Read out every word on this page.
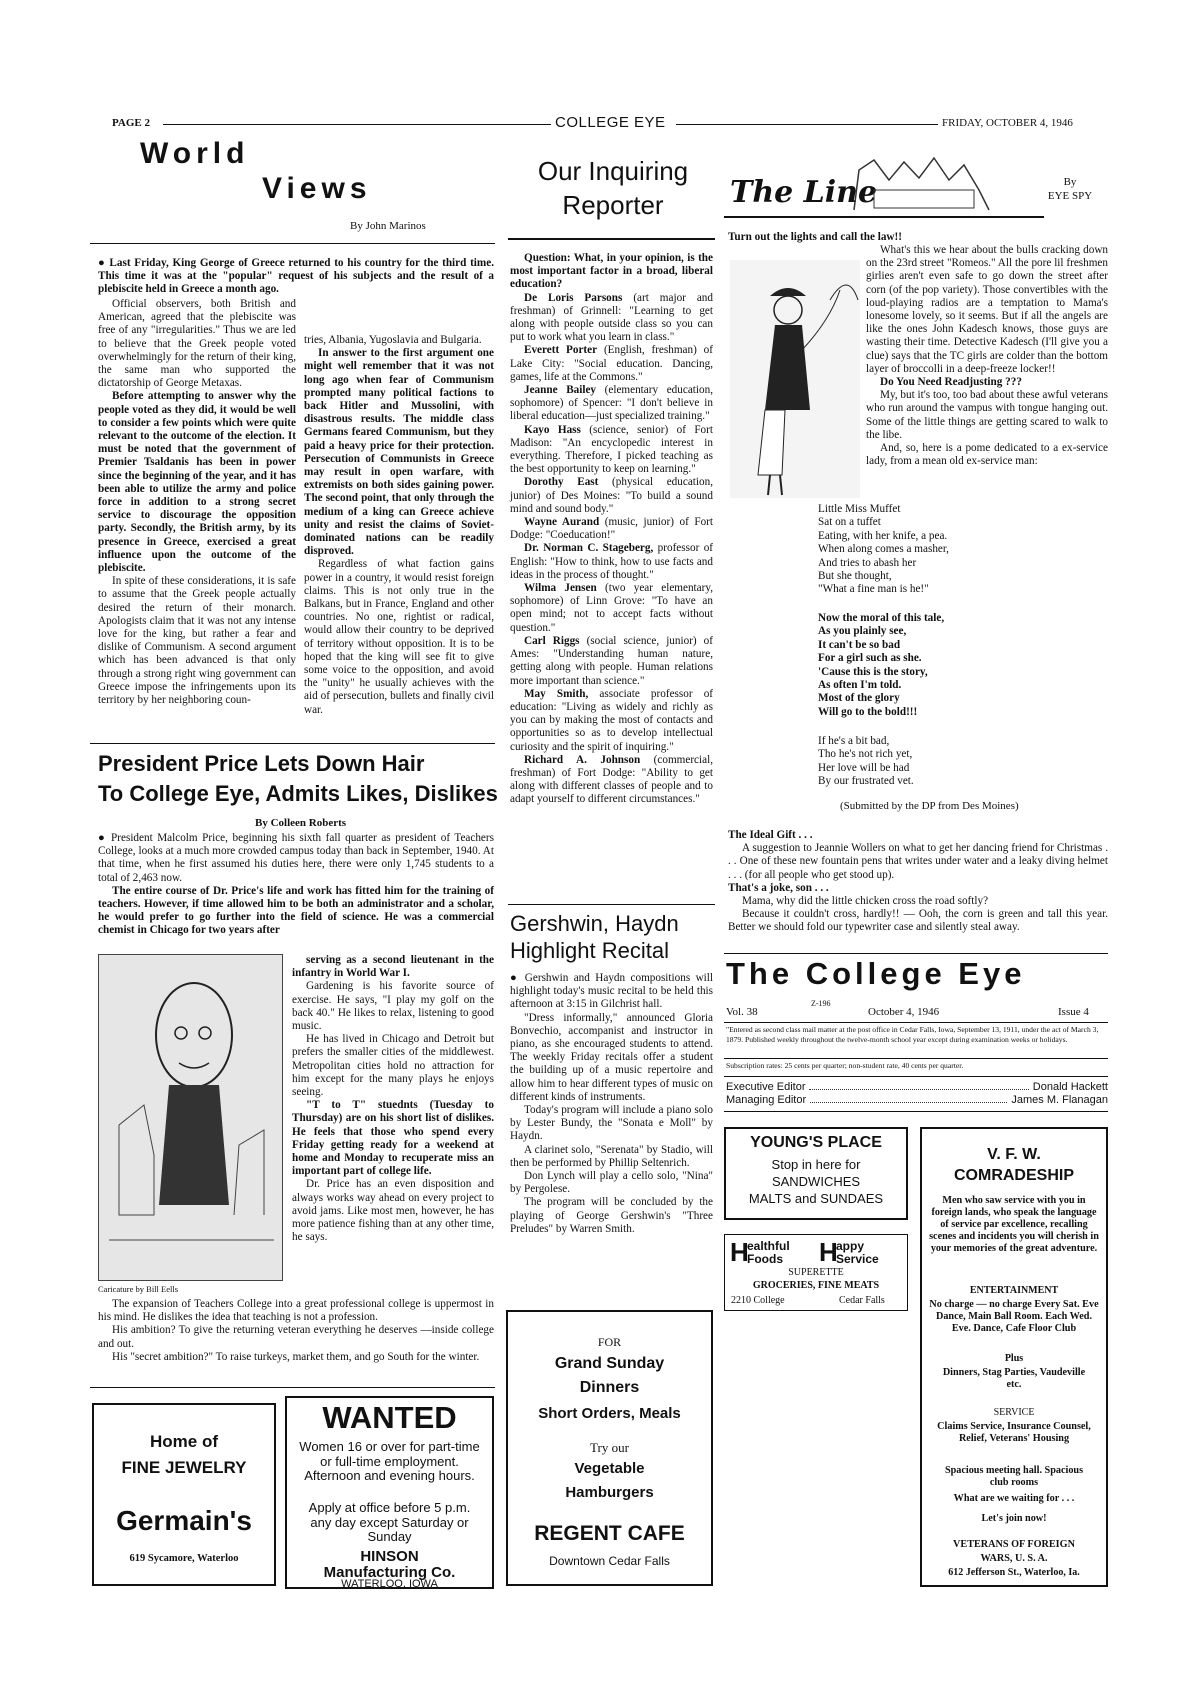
PAGE 2	COLLEGE EYE	FRIDAY, OCTOBER 4, 1946
World
Views
By John Marinos

● Last Friday, King George of Greece returned to his country for the third time. This time it was at the "popular" request of his subjects and the result of a plebiscite held in Greece a month ago.

Official observers, both British and American, agreed that the plebiscite was free of any "irregularities." Thus we are led to believe that the Greek people voted overwhelmingly for the return of their king, the same man who supported the dictatorship of George Metaxas.

Before attempting to answer why the people voted as they did, it would be well to consider a few points which were quite relevant to the outcome of the election. It must be noted that the government of Premier Tsaldanis has been in power since the beginning of the year, and it has been able to utilize the army and police force in addition to a strong secret service to discourage the opposition party. Secondly, the British army, by its presence in Greece, exercised a great influence upon the outcome of the plebiscite.

In spite of these considerations, it is safe to assume that the Greek people actually desired the return of their monarch. Apologists claim that it was not any intense love for the king, but rather a fear and dislike of Communism. A second argument which has been advanced is that only through a strong right wing government can Greece impose the infringements upon its territory by her neighboring coun-

tries, Albania, Yugoslavia and Bulgaria.

In answer to the first argument one might well remember that it was not long ago when fear of Communism prompted many political factions to back Hitler and Mussolini, with disastrous results. The middle class Germans feared Communism, but they paid a heavy price for their protection. Persecution of Communists in Greece may result in open warfare, with extremists on both sides gaining power. The second point, that only through the medium of a king can Greece achieve unity and resist the claims of Soviet-dominated nations can be readily disproved.

Regardless of what faction gains power in a country, it would resist foreign claims. This is not only true in the Balkans, but in France, England and other countries. No one, rightist or radical, would allow their country to be deprived of territory without opposition. It is to be hoped that the king will see fit to give some voice to the opposition, and avoid the "unity" he usually achieves with the aid of persecution, bullets and finally civil war.

President Price Lets Down Hair
To College Eye, Admits Likes, Dislikes
By Colleen Roberts

● President Malcolm Price, beginning his sixth fall quarter as president of Teachers College, looks at a much more crowded campus today than back in September, 1940. At that time, when he first assumed his duties here, there were only 1,745 students to a total of 2,463 now.

The entire course of Dr. Price's life and work has fitted him for the training of teachers. However, if time allowed him to be both an administrator and a scholar, he would prefer to go further into the field of science. He was a commercial chemist in Chicago for two years after

serving as a second lieutenant in the infantry in World War I.

Gardening is his favorite source of exercise. He says, "I play my golf on the back 40." He likes to relax, listening to good music.

He has lived in Chicago and Detroit but prefers the smaller cities of the middlewest. Metropolitan cities hold no attraction for him except for the many plays he enjoys seeing.

"T to T" stuednts (Tuesday to Thursday) are on his short list of dislikes. He feels that those who spend every Friday getting ready for a weekend at home and Monday to recuperate miss an important part of college life.

Dr. Price has an even disposition and always works way ahead on every project to avoid jams. Like most men, however, he has more patience fishing than at any other time, he says.

Caricature by Bill Eells

The expansion of Teachers College into a great professional college is uppermost in his mind. He dislikes the idea that teaching is not a profession.

His ambition? To give the returning veteran everything he deserves —inside college and out.

His "secret ambition?" To raise turkeys, market them, and go South for the winter.

Home of
FINE JEWELRY
Germain's
619 Sycamore, Waterloo
WANTED
Women 16 or over for part-time or full-time employment. Afternoon and evening hours.
Apply at office before 5 p.m. any day except Saturday or Sunday
HINSON
Manufacturing Co.
WATERLOO, IOWA
Our Inquiring
Reporter

Question: What, in your opinion, is the most important factor in a broad, liberal education?

De Loris Parsons (art major and freshman) of Grinnell: "Learning to get along with people outside class so you can put to work what you learn in class."

Everett Porter (English, freshman) of Lake City: "Social education. Dancing, games, life at the Commons."

Jeanne Bailey (elementary education, sophomore) of Spencer: "I don't believe in liberal education—just specialized training."

Kayo Hass (science, senior) of Fort Madison: "An encyclopedic interest in everything. Therefore, I picked teaching as the best opportunity to keep on learning."

Dorothy East (physical education, junior) of Des Moines: "To build a sound mind and sound body."

Wayne Aurand (music, junior) of Fort Dodge: "Coeducation!"

Dr. Norman C. Stageberg, professor of English: "How to think, how to use facts and ideas in the process of thought."

Wilma Jensen (two year elementary, sophomore) of Linn Grove: "To have an open mind; not to accept facts without question."

Carl Riggs (social science, junior) of Ames: "Understanding human nature, getting along with people. Human relations more important than science."

May Smith, associate professor of education: "Living as widely and richly as you can by making the most of contacts and opportunities so as to develop intellectual curiosity and the spirit of inquiring."

Richard A. Johnson (commercial, freshman) of Fort Dodge: "Ability to get along with different classes of people and to adapt yourself to different circumstances."

Gershwin, Haydn
Highlight Recital

● Gershwin and Haydn compositions will highlight today's music recital to be held this afternoon at 3:15 in Gilchrist hall.

"Dress informally," announced Gloria Bonvechio, accompanist and instructor in piano, as she encouraged students to attend. The weekly Friday recitals offer a student the building up of a music repertoire and allow him to hear different types of music on different kinds of instruments.

Today's program will include a piano solo by Lester Bundy, the "Sonata e Moll" by Haydn.

A clarinet solo, "Serenata" by Stadio, will then be performed by Phillip Seltenrich.

Don Lynch will play a cello solo, "Nina" by Pergolese.

The program will be concluded by the playing of George Gershwin's "Three Preludes" by Warren Smith.

FOR
Grand Sunday
Dinners
Short Orders, Meals
Try our
Vegetable
Hamburgers
REGENT CAFE
Downtown Cedar Falls
The Line	By
EYE SPY
Turn out the lights and call the law!!

What's this we hear about the bulls cracking down on the 23rd street "Romeos." All the pore lil freshmen girlies aren't even safe to go down the street after corn (of the pop variety). Those convertibles with the loud-playing radios are a temptation to Mama's lonesome lovely, so it seems. But if all the angels are like the ones John Kadesch knows, those guys are wasting their time. Detective Kadesch (I'll give you a clue) says that the TC girls are colder than the bottom layer of broccolli in a deep-freeze locker!!

Do You Need Readjusting ???

My, but it's too, too bad about these awful veterans who run around the vampus with tongue hanging out. Some of the little things are getting scared to walk to the libe.

And, so, here is a pome dedicated to a ex-service lady, from a mean old ex-service man:

Little Miss Muffet
Sat on a tuffet
Eating, with her knife, a pea.
When along comes a masher,
And tries to abash her
But she thought,
"What a fine man is he!"
Now the moral of this tale,
As you plainly see,
It can't be so bad
For a girl such as she.
'Cause this is the story,
As often I'm told.
Most of the glory
Will go to the bold!!!
If he's a bit bad,
Tho he's not rich yet,
Her love will be had
By our frustrated vet.
(Submitted by the DP from Des Moines)

The Ideal Gift . . .

A suggestion to Jeannie Wollers on what to get her dancing friend for Christmas . . . One of these new fountain pens that writes under water and a leaky diving helmet . . . (for all people who get stood up).

That's a joke, son . . .

Mama, why did the little chicken cross the road softly?

Because it couldn't cross, hardly!! — Ooh, the corn is green and tall this year. Better we should fold our typewriter case and silently steal away.

The College Eye
Vol. 38
Z-196
October 4, 1946	Issue 4
"Entered as second class mail matter at the post office in Cedar Falls, Iowa, September 13, 1911, under the act of March 3, 1879. Published weekly throughout the twelve-month school year except during examination weeks or holidays.
Subscription rates: 25 cents per quarter; non-student rate, 40 cents per quarter.
Executive Editor	Donald Hackett
Managing Editor	James M. Flanagan
YOUNG'S PLACE
Stop in here for
SANDWICHES
MALTS and SUNDAES
H
ealthful
Foods H
appy
Service
SUPERETTE
GROCERIES, FINE MEATS
2210 College	Cedar Falls
V. F. W.
COMRADESHIP
Men who saw service with you in foreign lands, who speak the language of service par excellence, recalling scenes and incidents you will cherish in your memories of the great adventure.
ENTERTAINMENT
No charge — no charge Every Sat. Eve Dance, Main Ball Room. Each Wed. Eve. Dance, Cafe Floor Club
Plus
Dinners, Stag Parties, Vaudeville etc.
SERVICE
Claims Service, Insurance Counsel, Relief, Veterans' Housing
Spacious meeting hall. Spacious club rooms
What are we waiting for . . .
Let's join now!
VETERANS OF FOREIGN
WARS, U. S. A.
612 Jefferson St., Waterloo, Ia.
